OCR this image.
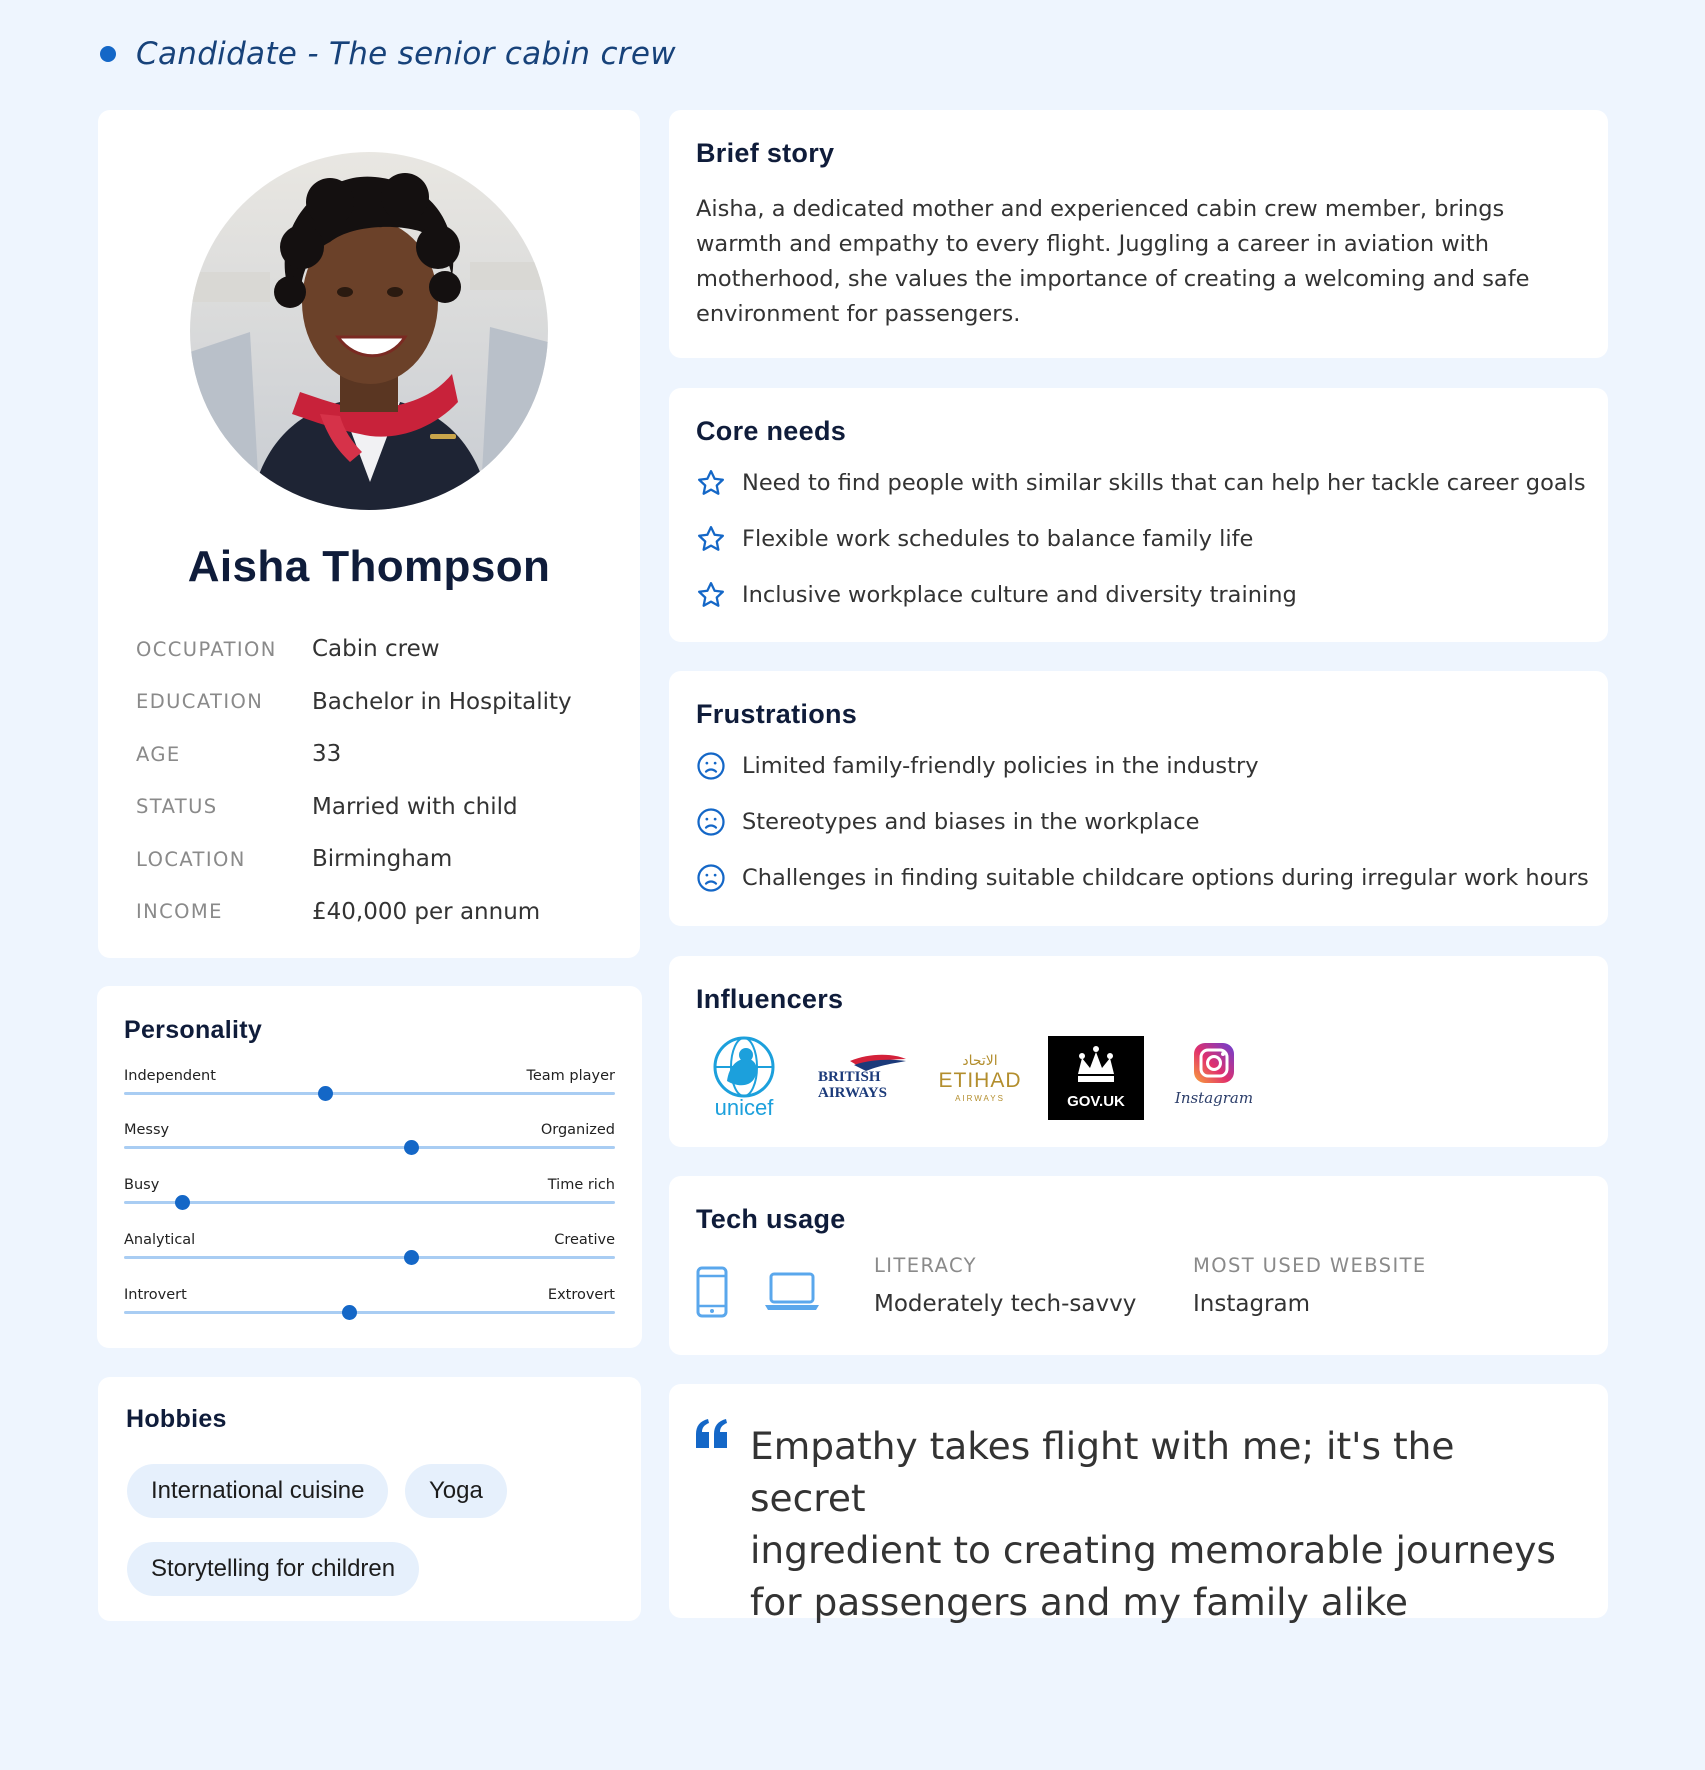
Candidate - The senior cabin crew
Aisha Thompson
OCCUPATION	Cabin crew
EDUCATION	Bachelor in Hospitality
AGE	33
STATUS	Married with child
LOCATION	Birmingham
INCOME	£40,000 per annum
Personality
Independent	Team player
Messy	Organized
Busy	Time rich
Analytical	Creative
Introvert	Extrovert
Hobbies
International cuisine	Yoga
Storytelling for children
Brief story
Aisha, a dedicated mother and experienced cabin crew member, brings
warmth and empathy to every flight. Juggling a career in aviation with
motherhood, she values the importance of creating a welcoming and safe
environment for passengers.
Core needs
Need to find people with similar skills that can help her tackle career goals
Flexible work schedules to balance family life
Inclusive workplace culture and diversity training
Frustrations
Limited family-friendly policies in the industry
Stereotypes and biases in the workplace
Challenges in finding suitable childcare options during irregular work hours
Influencers
unicef
BRITISH
AIRWAYS
الاتحاد
ETIHAD
AIRWAYS	GOV.UK	Instagram
Tech usage
LITERACY
Moderately tech-savvy
MOST USED WEBSITE
Instagram
Empathy takes flight with me; it's the secret
ingredient to creating memorable journeys
for passengers and my family alike
